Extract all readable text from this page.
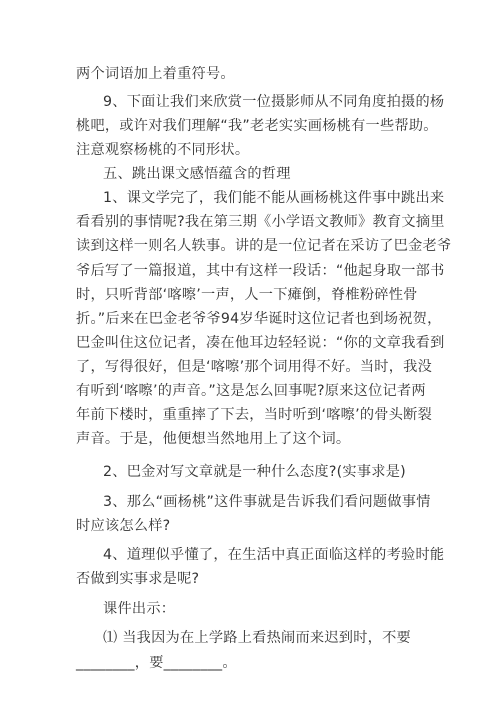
两个词语加上着重符号。
9、下面让我们来欣赏一位摄影师从不同角度拍摄的杨
桃吧，或许对我们理解“我”老老实实画杨桃有一些帮助。
注意观察杨桃的不同形状。
五、跳出课文感悟蕴含的哲理
1、课文学完了，我们能不能从画杨桃这件事中跳出来
看看别的事情呢?我在第三期《小学语文教师》教育文摘里
读到这样一则名人轶事。讲的是一位记者在采访了巴金老爷
爷后写了一篇报道，其中有这样一段话：“他起身取一部书
时，只听背部‘喀嚓’一声，人一下瘫倒，脊椎粉碎性骨
折。”后来在巴金老爷爷94岁华诞时这位记者也到场祝贺，
巴金叫住这位记者，凑在他耳边轻轻说：“你的文章我看到
了，写得很好，但是‘喀嚓’那个词用得不好。当时，我没
有听到‘喀嚓’的声音。”这是怎么回事呢?原来这位记者两
年前下楼时，重重摔了下去，当时听到‘喀嚓’的骨头断裂
声音。于是，他便想当然地用上了这个词。
2、巴金对写文章就是一种什么态度?(实事求是)
3、那么“画杨桃”这件事就是告诉我们看问题做事情
时应该怎么样?
4、道理似乎懂了，在生活中真正面临这样的考验时能
否做到实事求是呢?
课件出示：
⑴ 当我因为在上学路上看热闹而来迟到时，不要
________，要________。
